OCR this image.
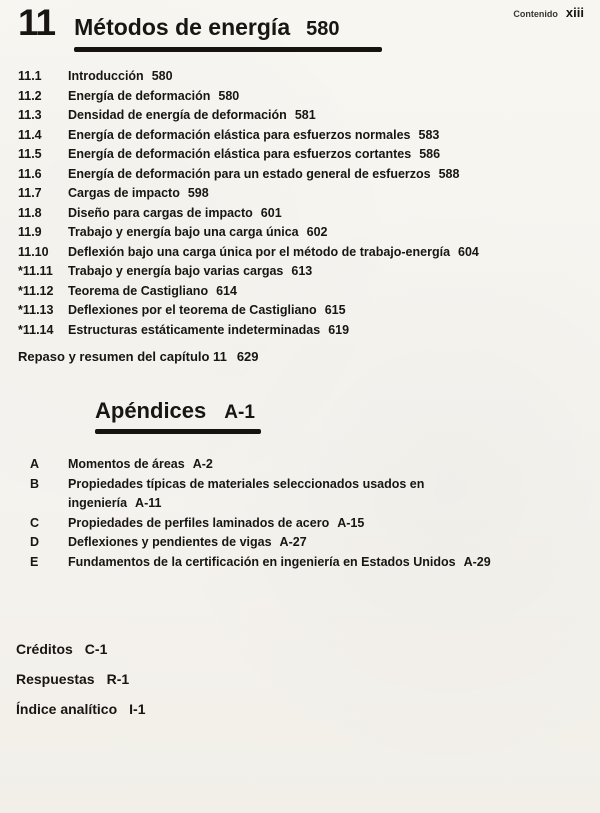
Contenido xiii
11 Métodos de energía 580
11.1	Introducción 580
11.2	Energía de deformación 580
11.3	Densidad de energía de deformación 581
11.4	Energía de deformación elástica para esfuerzos normales 583
11.5	Energía de deformación elástica para esfuerzos cortantes 586
11.6	Energía de deformación para un estado general de esfuerzos 588
11.7	Cargas de impacto 598
11.8	Diseño para cargas de impacto 601
11.9	Trabajo y energía bajo una carga única 602
11.10	Deflexión bajo una carga única por el método de trabajo-energía 604
*11.11	Trabajo y energía bajo varias cargas 613
*11.12	Teorema de Castigliano 614
*11.13	Deflexiones por el teorema de Castigliano 615
*11.14	Estructuras estáticamente indeterminadas 619
Repaso y resumen del capítulo 11 629
Apéndices A-1
A	Momentos de áreas A-2
B	Propiedades típicas de materiales seleccionados usados en ingeniería A-11
C	Propiedades de perfiles laminados de acero A-15
D	Deflexiones y pendientes de vigas A-27
E	Fundamentos de la certificación en ingeniería en Estados Unidos A-29
Créditos C-1
Respuestas R-1
Índice analítico I-1
